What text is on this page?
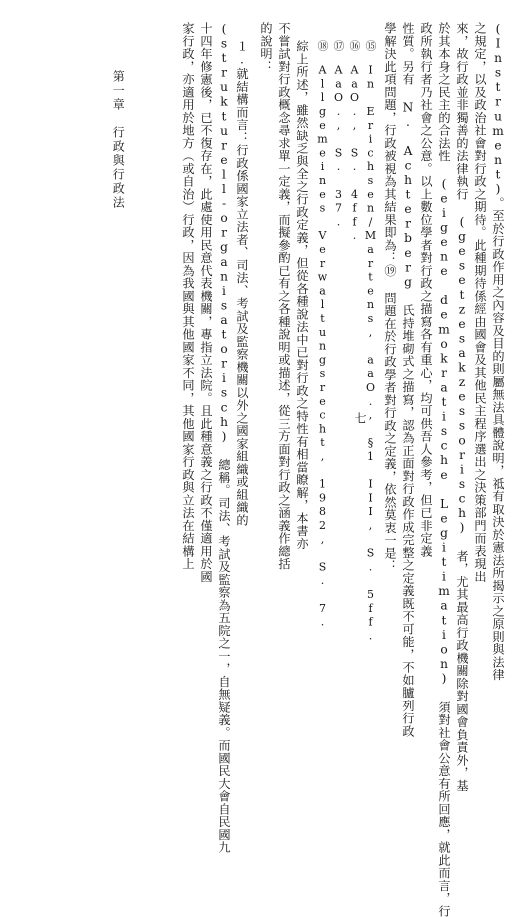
(Instrument)。至於行政作用之內容及目的則屬無法具體說明，祗有取決於憲法所揭示之原則與法律
之規定，以及政治社會對行政之期待。此種期待係經由國會及其他民主程序選出之決策部門而表現出
來，故行政並非獨善的法律執行 (gesetzesakzessorisch) 者，尤其最高行政機關除對國會負責外，基
於其本身之民主的合法性 (eigene demokratische Legitimation) 須對社會公意有所回應，就此而言，行
政所執行者乃社會之公意。以上數位學者對行政之描寫各有重心，均可供吾人參考，但已非定義
性質。另有 N. Achterberg 氏持堆砌式之描寫，認為正面對行政作成完整之定義既不可能，不如臚列行政
學解決此項問題，行政被視為其結果即為：⑲ 問題在於行政學者對行政之定義，依然莫衷一是：
⑮　In Erichsen/Martens, aaO., §1 III, S. 5ff.
⑯　AaO., S. 4ff.
⑰　AaO., S. 37.
⑱　Allgemeines Verwaltungsrecht, 1982, S. 7.
綜上所述，雖然缺乏與全之行政定義，但從各種說法中已對行政之特性有相當瞭解，本書亦
不嘗試對行政概念尋求單一定義，而擬參酌已有之各種說明或描述，從三方面對行政之涵義作總括
的說明：
１.就結構而言：行政係國家立法者、司法、考試及監察機關以外之國家組織或組織的
(strukturell-organisatorisch) 總稱。司法、考試及監察為五院之一，自無疑義。而國民大會自民國九
十四年修憲後，已不復存在，此處使用民意代表機關，專指立法院。且此種意義之行政不僅適用於國
家行政，亦適用於地方（或自治）行政，因為我國與其他國家不同，其他國家行政與立法在結構上
第一章　行政與行政法
七
